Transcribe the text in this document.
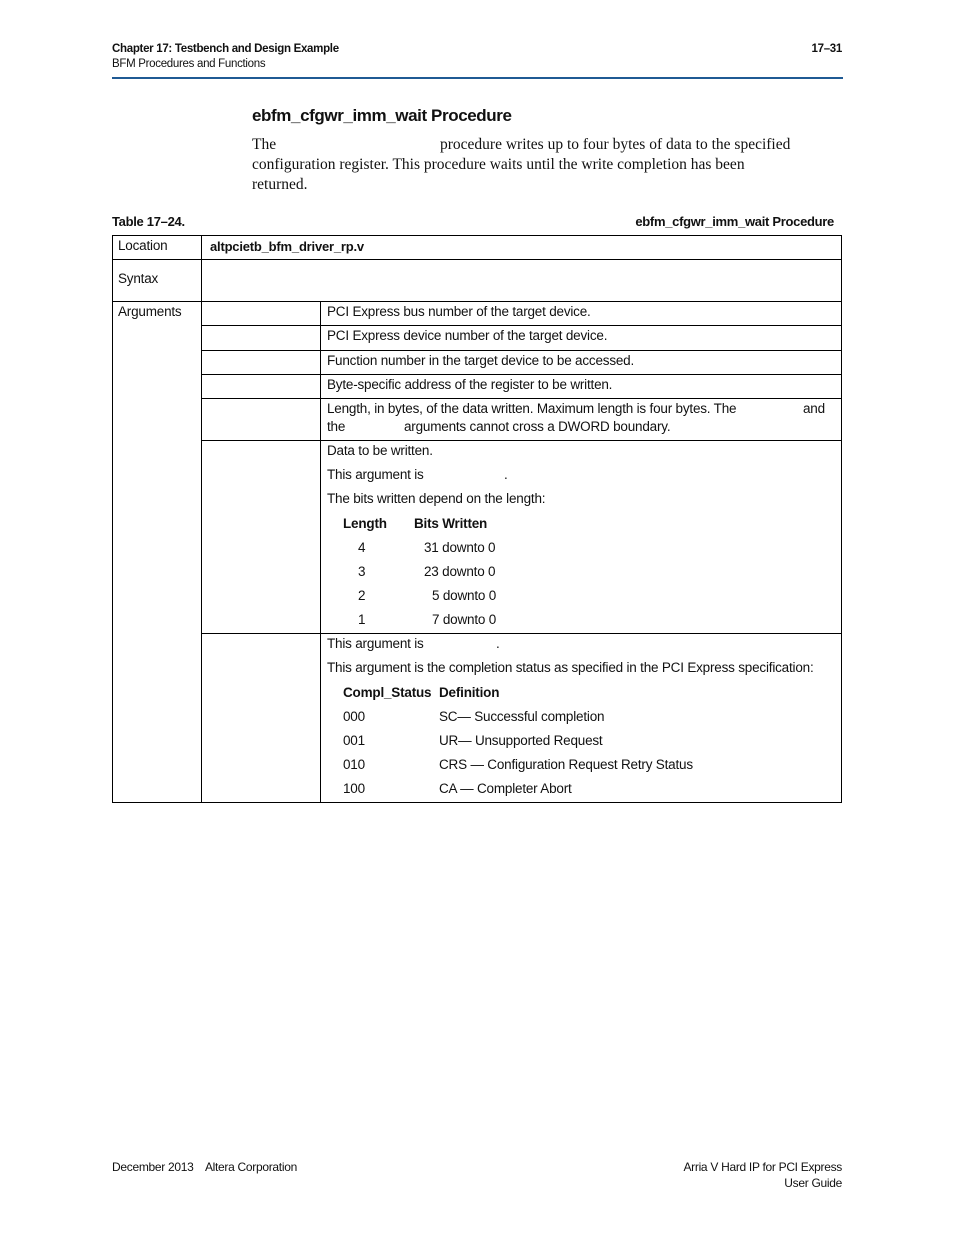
Chapter 17: Testbench and Design Example
BFM Procedures and Functions
17–31
ebfm_cfgwr_imm_wait Procedure
The	procedure writes up to four bytes of data to the specified
configuration register. This procedure waits until the write completion has been
returned.
Table 17–24.	ebfm_cfgwr_imm_wait Procedure
Location	altpcietb_bfm_driver_rp.v
Syntax
Arguments	PCI Express bus number of the target device.
PCI Express device number of the target device.
Function number in the target device to be accessed.
Byte-specific address of the register to be written.
Length, in bytes, of the data written. Maximum length is four bytes. The	and
the	arguments cannot cross a DWORD boundary.
Data to be written.
This argument is	.
The bits written depend on the length:
Length Bits Written
4	31 downto 0
3	23 downto 0
2	5 downto 0
1	7 downto 0
This argument is	.
This argument is the completion status as specified in the PCI Express specification:
Compl_Status Definition
000	SC— Successful completion
001	UR— Unsupported Request
010	CRS — Configuration Request Retry Status
100	CA — Completer Abort
December 2013    Altera Corporation	Arria V Hard IP for PCI Express
User Guide
